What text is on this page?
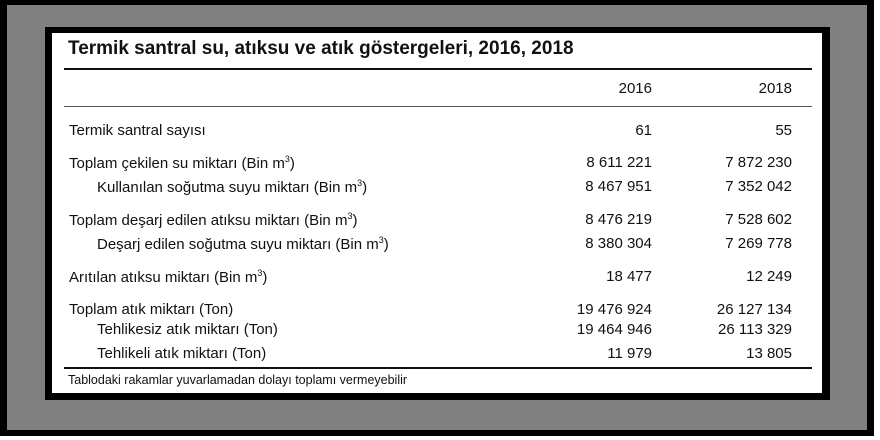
Termik santral su, atıksu ve atık göstergeleri, 2016, 2018
2016	2018
Termik santral sayısı	61	55
Toplam çekilen su miktarı (Bin $m^3$)	8 611 221	7 872 230
Kullanılan soğutma suyu miktarı (Bin $m^3$)	8 467 951	7 352 042
Toplam deşarj edilen atıksu miktarı (Bin $m^3$)	8 476 219	7 528 602
Deşarj edilen soğutma suyu miktarı (Bin $m^3$)	8 380 304	7 269 778
Arıtılan atıksu miktarı (Bin $m^3$)	18 477	12 249
Toplam atık miktarı (Ton)	19 476 924	26 127 134
Tehlikesiz atık miktarı (Ton)	19 464 946	26 113 329
Tehlikeli atık miktarı (Ton)	11 979	13 805
Tablodaki rakamlar yuvarlamadan dolayı toplamı vermeyebilir
